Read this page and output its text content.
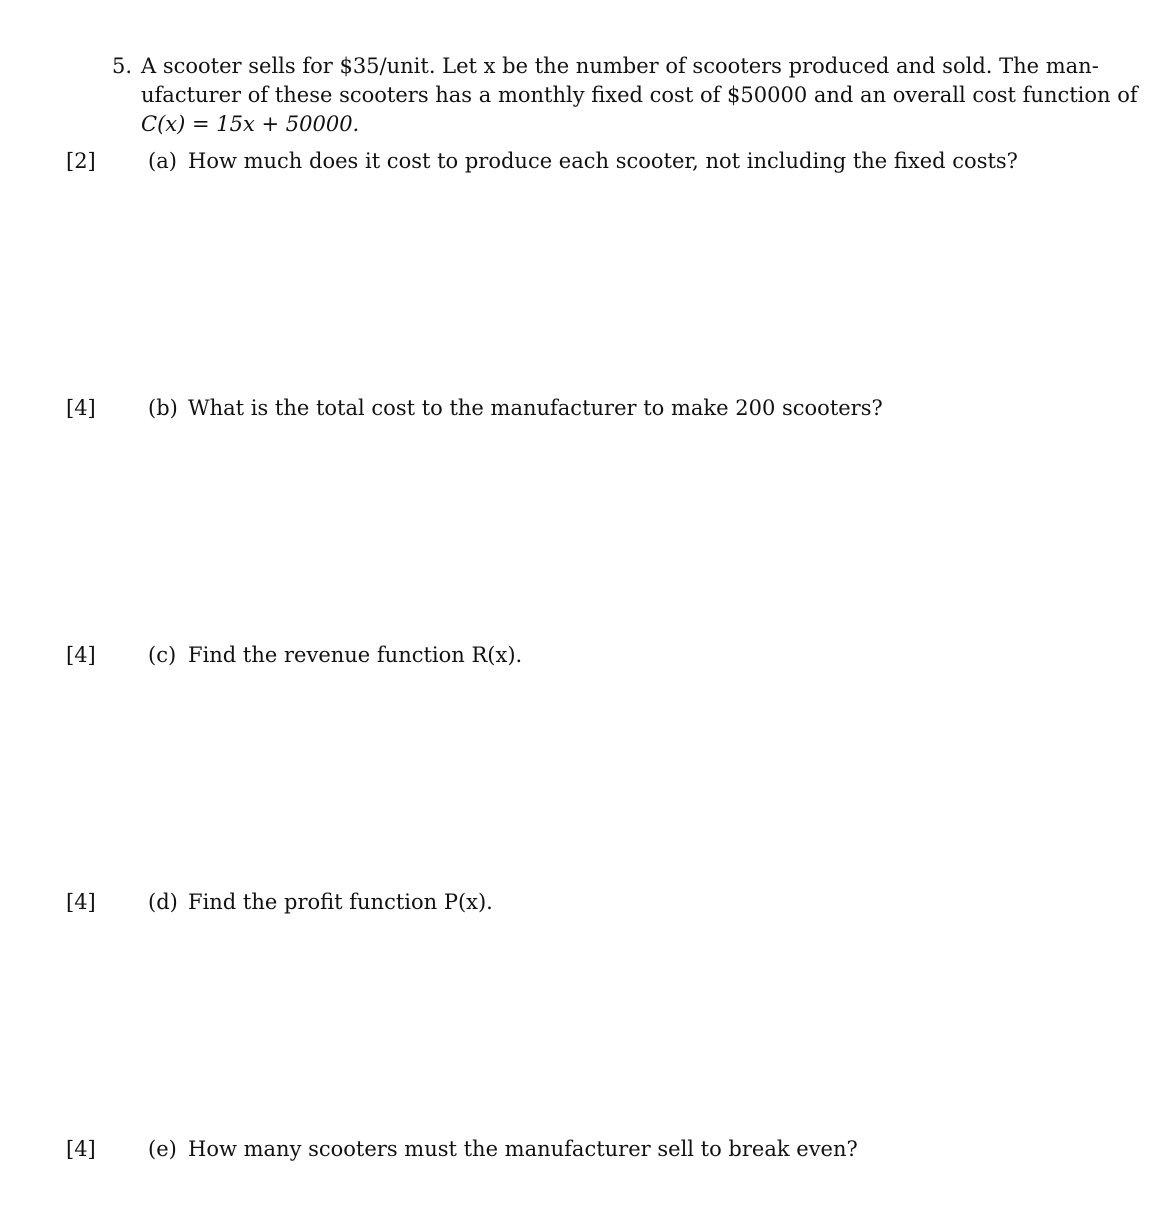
5. A scooter sells for $35/unit. Let x be the number of scooters produced and sold. The man-
ufacturer of these scooters has a monthly fixed cost of $50000 and an overall cost function of
C(x) = 15x + 50000.
[2] (a) How much does it cost to produce each scooter, not including the fixed costs?
[4] (b) What is the total cost to the manufacturer to make 200 scooters?
[4] (c) Find the revenue function R(x).
[4] (d) Find the profit function P(x).
[4] (e) How many scooters must the manufacturer sell to break even?
